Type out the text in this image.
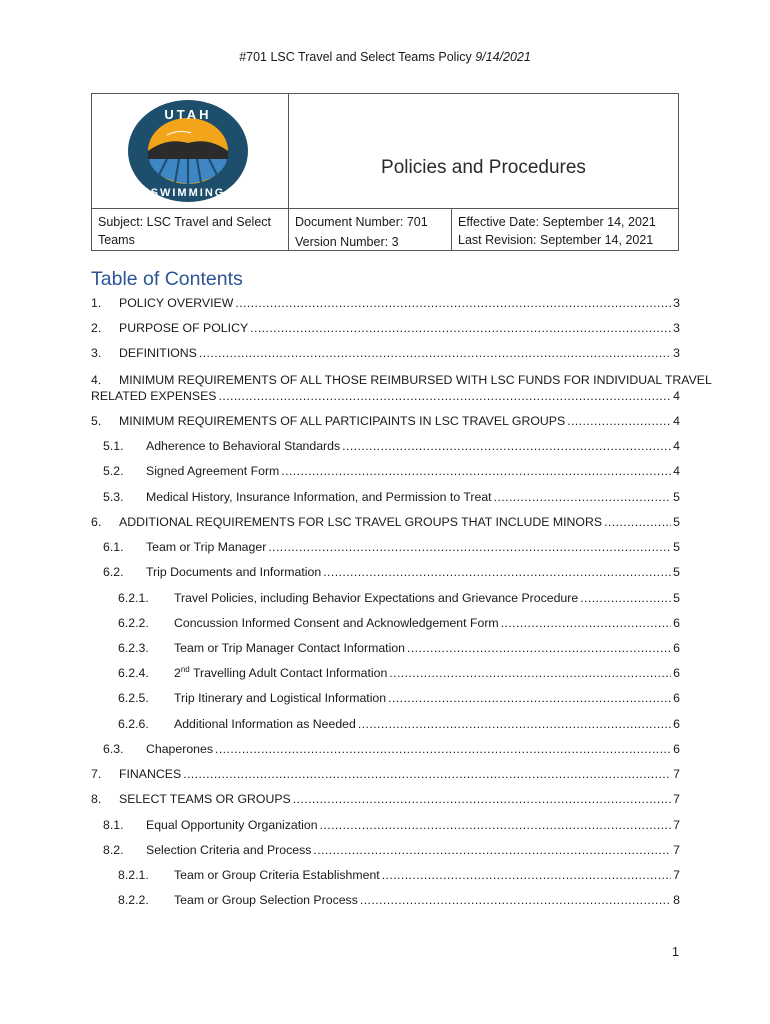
#701 LSC Travel and Select Teams Policy 9/14/2021
UTAH
SWIMMING
Policies and Procedures
Subject: LSC Travel and Select
Teams
Document Number: 701
Version Number: 3
Effective Date: September 14, 2021
Last Revision: September 14, 2021
Table of Contents
1.	POLICY OVERVIEW . . .	3
2.	PURPOSE OF POLICY . . .	3
3.	DEFINITIONS . . .	3
4. MINIMUM REQUIREMENTS OF ALL THOSE REIMBURSED WITH LSC FUNDS FOR INDIVIDUAL TRAVEL
RELATED EXPENSES . . .	4
5.	MINIMUM REQUIREMENTS OF ALL PARTICIPAINTS IN LSC TRAVEL GROUPS . . .	4
5.1.	Adherence to Behavioral Standards . . .	4
5.2.	Signed Agreement Form . . .	4
5.3.	Medical History, Insurance Information, and Permission to Treat . . .	5
6.	ADDITIONAL REQUIREMENTS FOR LSC TRAVEL GROUPS THAT INCLUDE MINORS . . .	5
6.1.	Team or Trip Manager . . .	5
6.2.	Trip Documents and Information . . .	5
6.2.1.	Travel Policies, including Behavior Expectations and Grievance Procedure . . .	5
6.2.2.	Concussion Informed Consent and Acknowledgement Form . . .	6
6.2.3.	Team or Trip Manager Contact Information . . .	6
6.2.4.	2nd Travelling Adult Contact Information . . .	6
6.2.5.	Trip Itinerary and Logistical Information . . .	6
6.2.6.	Additional Information as Needed . . .	6
6.3.	Chaperones . . .	6
7.	FINANCES . . .	7
8.	SELECT TEAMS OR GROUPS . . .	7
8.1.	Equal Opportunity Organization . . .	7
8.2.	Selection Criteria and Process . . .	7
8.2.1.	Team or Group Criteria Establishment . . .	7
8.2.2.	Team or Group Selection Process . . .	8
1
